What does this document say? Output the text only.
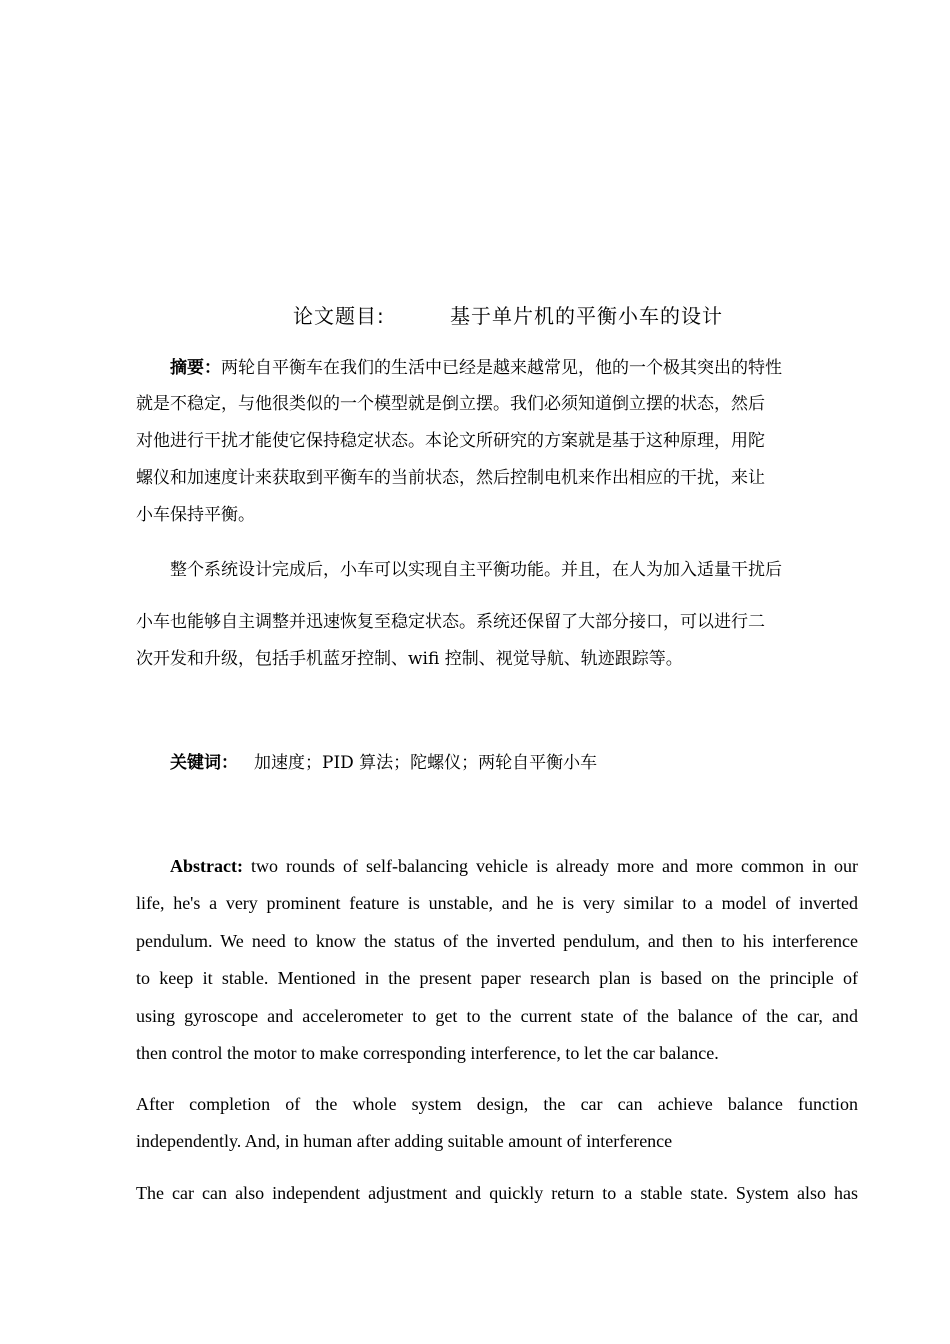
论文题目:	基于单片机的平衡小车的设计
摘要：两轮自平衡车在我们的生活中已经是越来越常见，他的一个极其突出的特性
就是不稳定，与他很类似的一个模型就是倒立摆。我们必须知道倒立摆的状态，然后
对他进行干扰才能使它保持稳定状态。本论文所研究的方案就是基于这种原理，用陀
螺仪和加速度计来获取到平衡车的当前状态，然后控制电机来作出相应的干扰，来让
小车保持平衡。
整个系统设计完成后，小车可以实现自主平衡功能。并且，在人为加入适量干扰后
小车也能够自主调整并迅速恢复至稳定状态。系统还保留了大部分接口，可以进行二
次开发和升级，包括手机蓝牙控制、wifi 控制、视觉导航、轨迹跟踪等。
关键词： 加速度；PID 算法；陀螺仪；两轮自平衡小车
Abstract: two rounds of self-balancing vehicle is already more and more common in our
life, he's a very prominent feature is unstable, and he is very similar to a model of inverted
pendulum. We need to know the status of the inverted pendulum, and then to his interference
to keep it stable. Mentioned in the present paper research plan is based on the principle of
using gyroscope and accelerometer to get to the current state of the balance of the car, and
then control the motor to make corresponding interference, to let the car balance.
After completion of the whole system design, the car can achieve balance function
independently. And, in human after adding suitable amount of interference
The car can also independent adjustment and quickly return to a stable state. System also has
